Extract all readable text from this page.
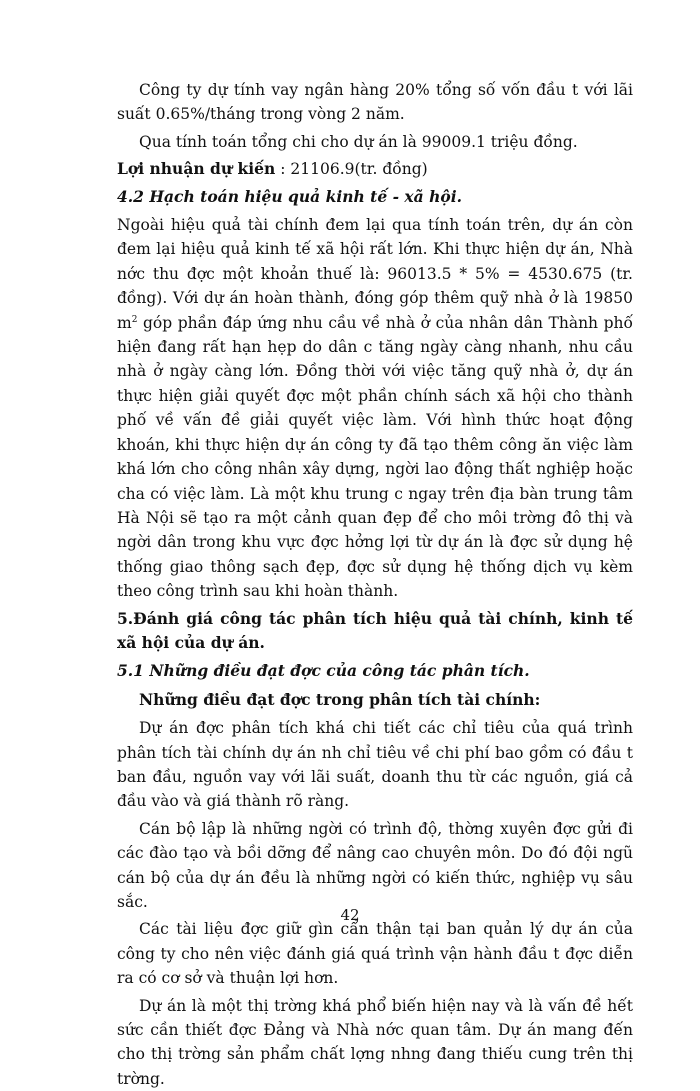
Công ty dự tính vay ngân hàng 20% tổng số vốn đầu t với lãi suất 0.65%/tháng trong vòng 2 năm.

Qua tính toán tổng chi cho dự án là 99009.1 triệu đồng.

Lợi nhuận dự kiến : 21106.9(tr. đồng)

4.2 Hạch toán hiệu quả kinh tế - xã hội.

Ngoài hiệu quả tài chính đem lại qua tính toán trên, dự án còn đem lại hiệu quả kinh tế xã hội rất lớn. Khi thực hiện dự án, Nhà nớc thu đợc một khoản thuế là: 96013.5 * 5% = 4530.675 (tr. đồng). Với dự án hoàn thành, đóng góp thêm quỹ nhà ở là 19850 $m^2$ góp phần đáp ứng nhu cầu về nhà ở của nhân dân Thành phố hiện đang rất hạn hẹp do dân c tăng ngày càng nhanh, nhu cầu nhà ở ngày càng lớn. Đồng thời với việc tăng quỹ nhà ở, dự án thực hiện giải quyết đợc một phần chính sách xã hội cho thành phố về vấn đề giải quyết việc làm. Với hình thức hoạt động khoán, khi thực hiện dự án công ty đã tạo thêm công ăn việc làm khá lớn cho công nhân xây dựng, ngời lao động thất nghiệp hoặc cha có việc làm. Là một khu trung c ngay trên địa bàn trung tâm Hà Nội sẽ tạo ra một cảnh quan đẹp để cho môi trờng đô thị và ngời dân trong khu vực đợc hởng lợi từ dự án là đợc sử dụng hệ thống giao thông sạch đẹp, đợc sử dụng hệ thống dịch vụ kèm theo công trình sau khi hoàn thành.

5.Đánh giá công tác phân tích hiệu quả tài chính, kinh tế xã hội của dự án.

5.1 Những điều đạt đợc của công tác phân tích.

Những điều đạt đợc trong phân tích tài chính:

Dự án đợc phân tích khá chi tiết các chỉ tiêu của quá trình phân tích tài chính dự án nh chỉ tiêu về chi phí bao gồm có đầu t ban đầu, nguồn vay với lãi suất, doanh thu từ các nguồn, giá cả đầu vào và giá thành rõ ràng.

Cán bộ lập là những ngời có trình độ, thờng xuyên đợc gửi đi các đào tạo và bồi dỡng để nâng cao chuyên môn. Do đó đội ngũ cán bộ của dự án đều là những ngời có kiến thức, nghiệp vụ sâu sắc.

Các tài liệu đợc giữ gìn cẩn thận tại ban quản lý dự án của công ty cho nên việc đánh giá quá trình vận hành đầu t đợc diễn ra có cơ sở và thuận lợi hơn.

Dự án là một thị trờng khá phổ biến hiện nay và là vấn đề hết sức cần thiết đợc Đảng và Nhà nớc quan tâm. Dự án mang đến cho thị trờng sản phẩm chất lợng nhng đang thiếu cung trên thị trờng.

42
